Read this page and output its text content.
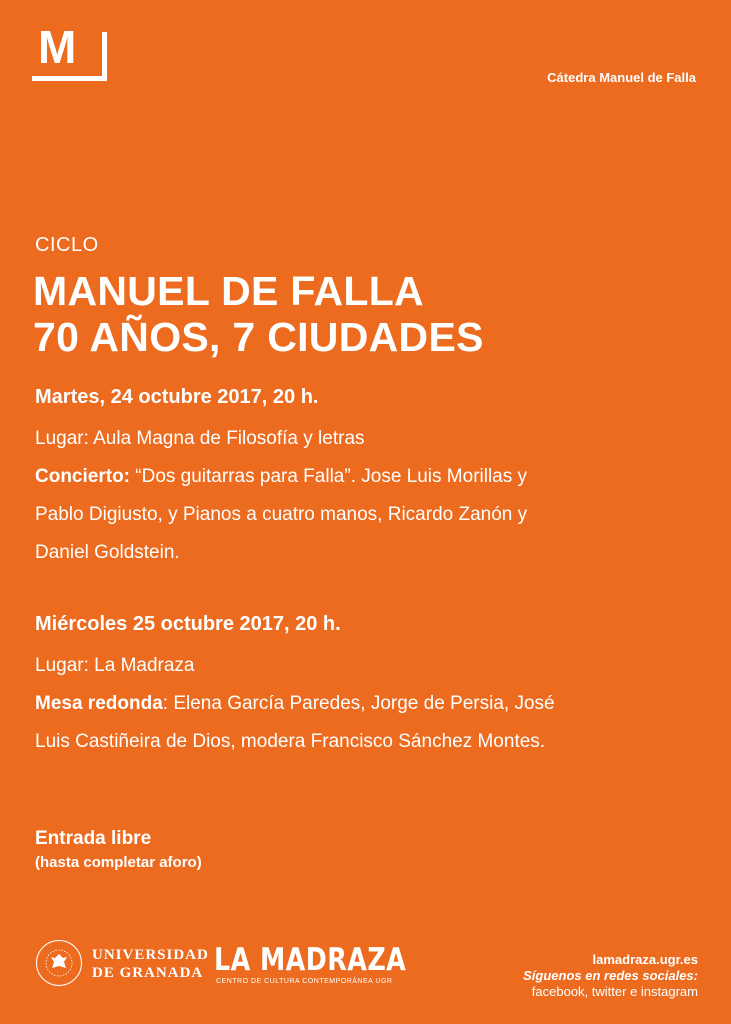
M
Cátedra Manuel de Falla
CICLO
MANUEL DE FALLA
70 AÑOS, 7 CIUDADES
Martes, 24 octubre 2017, 20 h.
Lugar: Aula Magna de Filosofía y letras
Concierto: “Dos guitarras para Falla”. Jose Luis Morillas y
Pablo Digiusto, y Pianos a cuatro manos, Ricardo Zanón y
Daniel Goldstein.
Miércoles 25 octubre 2017, 20 h.
Lugar: La Madraza
Mesa redonda: Elena García Paredes, Jorge de Persia, José
Luis Castiñeira de Dios, modera Francisco Sánchez Montes.
Entrada libre
(hasta completar aforo)
UNIVERSIDAD
DE GRANADA LA MADRAZA
CENTRO DE CULTURA CONTEMPORÁNEA UGR
lamadraza.ugr.es
Síguenos en redes sociales:
facebook, twitter e instagram
